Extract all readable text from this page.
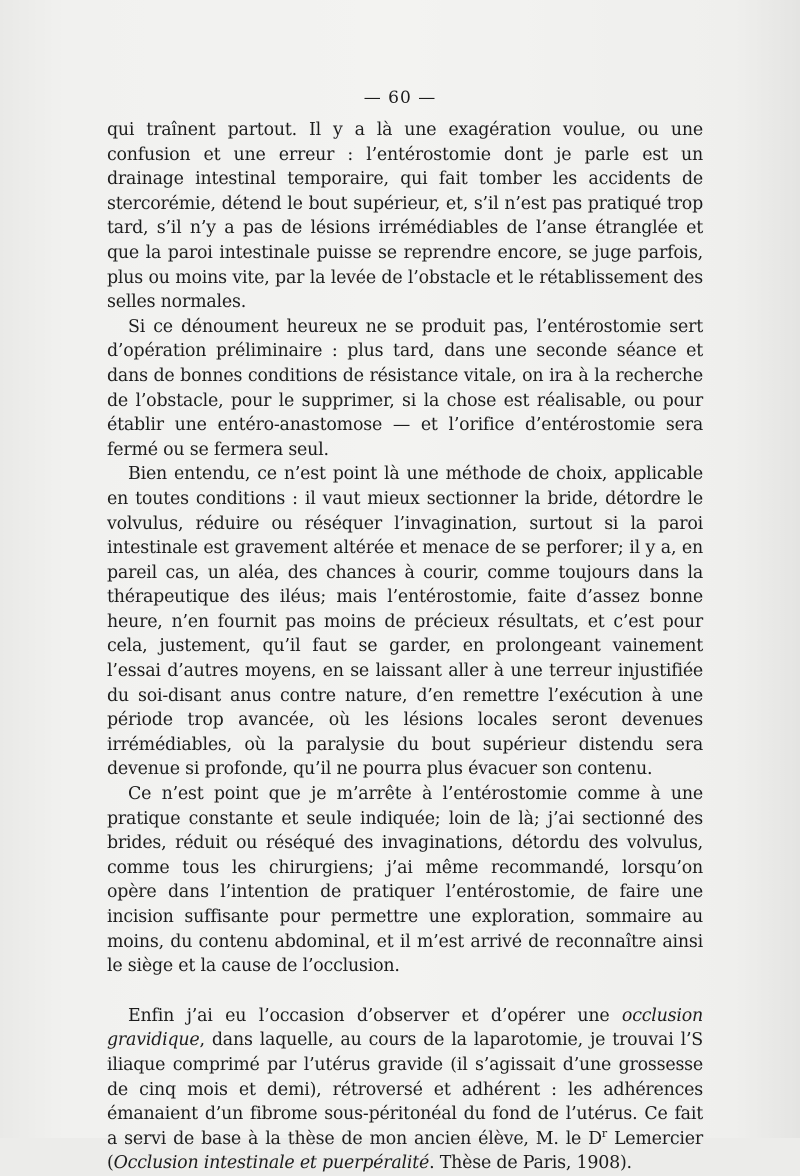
— 60 —

qui traînent partout. Il y a là une exagération voulue, ou une confusion et une erreur : l’entérostomie dont je parle est un drainage intestinal temporaire, qui fait tomber les accidents de stercorémie, détend le bout supérieur, et, s’il n’est pas pratiqué trop tard, s’il n’y a pas de lésions irrémédiables de l’anse étranglée et que la paroi intestinale puisse se reprendre encore, se juge parfois, plus ou moins vite, par la levée de l’obstacle et le rétablissement des selles normales.

Si ce dénoument heureux ne se produit pas, l’entérostomie sert d’opération préliminaire : plus tard, dans une seconde séance et dans de bonnes conditions de résistance vitale, on ira à la recherche de l’obstacle, pour le supprimer, si la chose est réalisable, ou pour établir une entéro-anastomose — et l’orifice d’entérostomie sera fermé ou se fermera seul.

Bien entendu, ce n’est point là une méthode de choix, applicable en toutes conditions : il vaut mieux sectionner la bride, détordre le volvulus, réduire ou réséquer l’invagination, surtout si la paroi intestinale est gravement altérée et menace de se perforer; il y a, en pareil cas, un aléa, des chances à courir, comme toujours dans la thérapeutique des iléus; mais l’entérostomie, faite d’assez bonne heure, n’en fournit pas moins de précieux résultats, et c’est pour cela, justement, qu’il faut se garder, en prolongeant vainement l’essai d’autres moyens, en se laissant aller à une terreur injustifiée du soi-disant anus contre nature, d’en remettre l’exécution à une période trop avancée, où les lésions locales seront devenues irrémédiables, où la paralysie du bout supérieur distendu sera devenue si profonde, qu’il ne pourra plus évacuer son contenu.

Ce n’est point que je m’arrête à l’entérostomie comme à une pratique constante et seule indiquée; loin de là; j’ai sectionné des brides, réduit ou réséqué des invaginations, détordu des volvulus, comme tous les chirurgiens; j’ai même recommandé, lorsqu’on opère dans l’intention de pratiquer l’entérostomie, de faire une incision suffisante pour permettre une exploration, sommaire au moins, du contenu abdominal, et il m’est arrivé de reconnaître ainsi le siège et la cause de l’occlusion.

Enfin j’ai eu l’occasion d’observer et d’opérer une occlusion gravidique, dans laquelle, au cours de la laparotomie, je trouvai l’S iliaque comprimé par l’utérus gravide (il s’agissait d’une grossesse de cinq mois et demi), rétroversé et adhérent : les adhérences émanaient d’un fibrome sous-péritonéal du fond de l’utérus. Ce fait a servi de base à la thèse de mon ancien élève, M. le $D^r$ Lemercier (Occlusion intestinale et puerpéralité. Thèse de Paris, 1908).
